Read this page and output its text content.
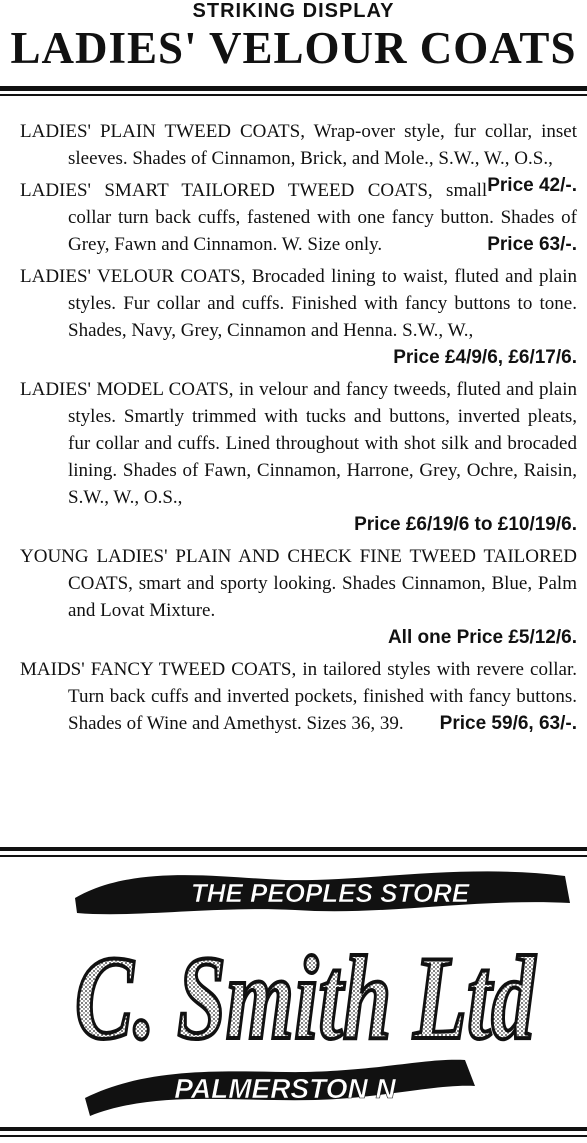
STRIKING DISPLAY
LADIES' VELOUR COATS
LADIES' PLAIN TWEED COATS, Wrap-over style, fur collar, inset sleeves. Shades of Cinnamon, Brick, and Mole., S.W., W., O.S.,
Price 42/-.
LADIES' SMART TAILORED TWEED COATS, small collar turn back cuffs, fastened with one fancy button. Shades of Grey, Fawn and Cinnamon. W. Size only.	Price 63/-.
LADIES' VELOUR COATS, Brocaded lining to waist, fluted and plain styles. Fur collar and cuffs. Finished with fancy buttons to tone. Shades, Navy, Grey, Cinnamon and Henna. S.W., W.,
Price £4/9/6, £6/17/6.
LADIES' MODEL COATS, in velour and fancy tweeds, fluted and plain styles. Smartly trimmed with tucks and buttons, inverted pleats, fur collar and cuffs. Lined throughout with shot silk and brocaded lining. Shades of Fawn, Cinnamon, Harrone, Grey, Ochre, Raisin, S.W., W., O.S.,
Price £6/19/6 to £10/19/6.
YOUNG LADIES' PLAIN AND CHECK FINE TWEED TAILORED COATS, smart and sporty looking. Shades Cinnamon, Blue, Palm and Lovat Mixture.
All one Price £5/12/6.
MAIDS' FANCY TWEED COATS, in tailored styles with revere collar. Turn back cuffs and inverted pockets, finished with fancy buttons. Shades of Wine and Amethyst. Sizes 36, 39. Price 59/6, 63/-.
THE PEOPLES STORE
C. Smith Ltd
PALMERSTON N
